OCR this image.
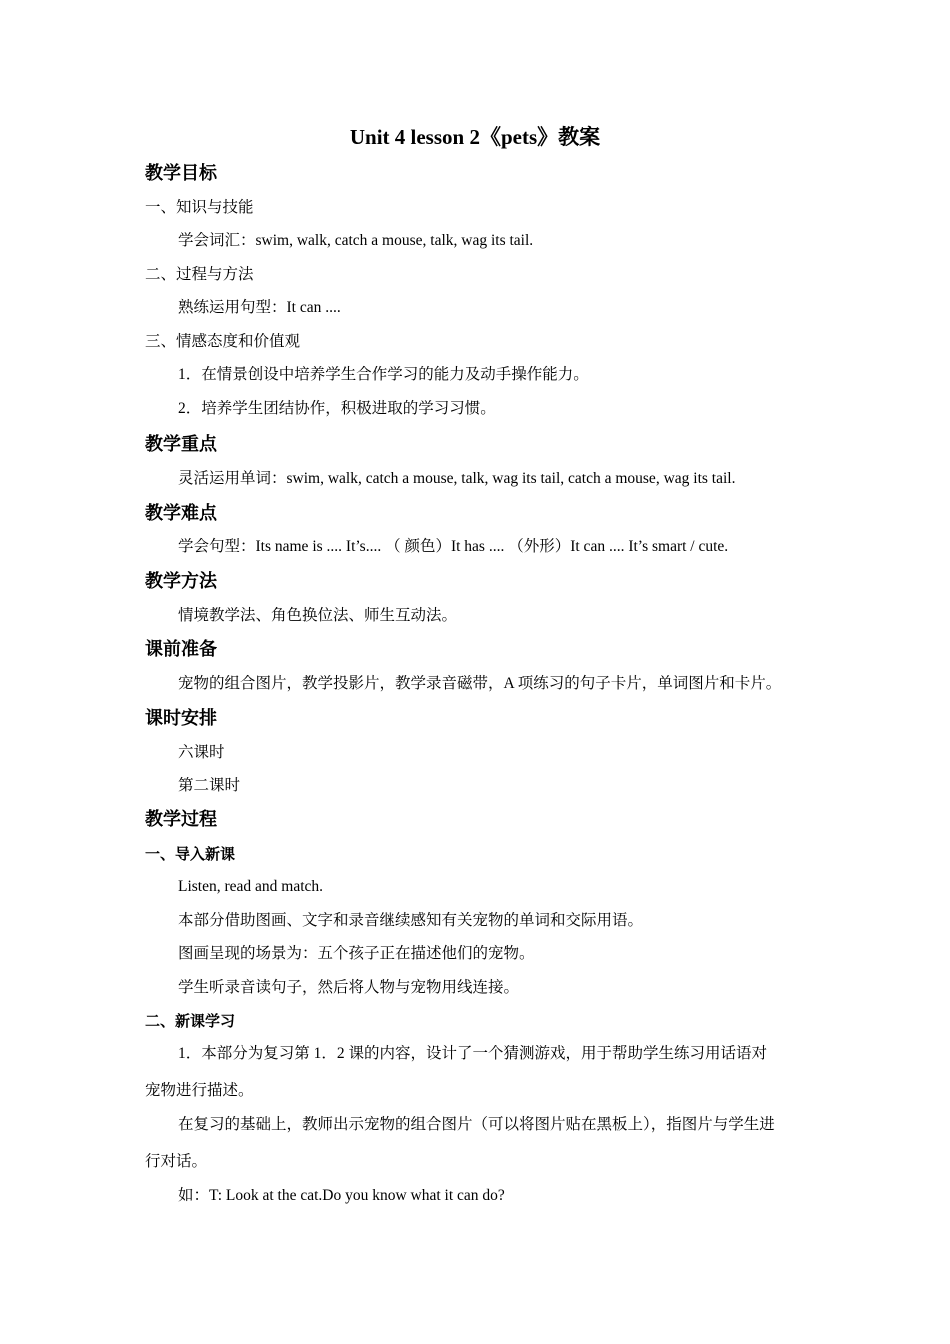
Unit 4 lesson 2《pets》教案
教学目标
一、知识与技能
学会词汇：swim, walk, catch a mouse, talk, wag its tail.
二、过程与方法
熟练运用句型：It can ....
三、情感态度和价值观
1．在情景创设中培养学生合作学习的能力及动手操作能力。
2．培养学生团结协作，积极进取的学习习惯。
教学重点
灵活运用单词：swim, walk, catch a mouse, talk, wag its tail, catch a mouse, wag its tail.
教学难点
学会句型：Its name is .... It’s.... （ 颜色）It has .... （外形）It can .... It’s smart / cute.
教学方法
情境教学法、角色换位法、师生互动法。
课前准备
宠物的组合图片，教学投影片，教学录音磁带，A 项练习的句子卡片，单词图片和卡片。
课时安排
六课时
第二课时
教学过程
一、导入新课
Listen, read and match.
本部分借助图画、文字和录音继续感知有关宠物的单词和交际用语。
图画呈现的场景为：五个孩子正在描述他们的宠物。
学生听录音读句子，然后将人物与宠物用线连接。
二、新课学习
1．本部分为复习第 1．2 课的内容，设计了一个猜测游戏，用于帮助学生练习用话语对
宠物进行描述。
在复习的基础上，教师出示宠物的组合图片（可以将图片贴在黑板上），指图片与学生进
行对话。
如：T: Look at the cat.Do you know what it can do?
